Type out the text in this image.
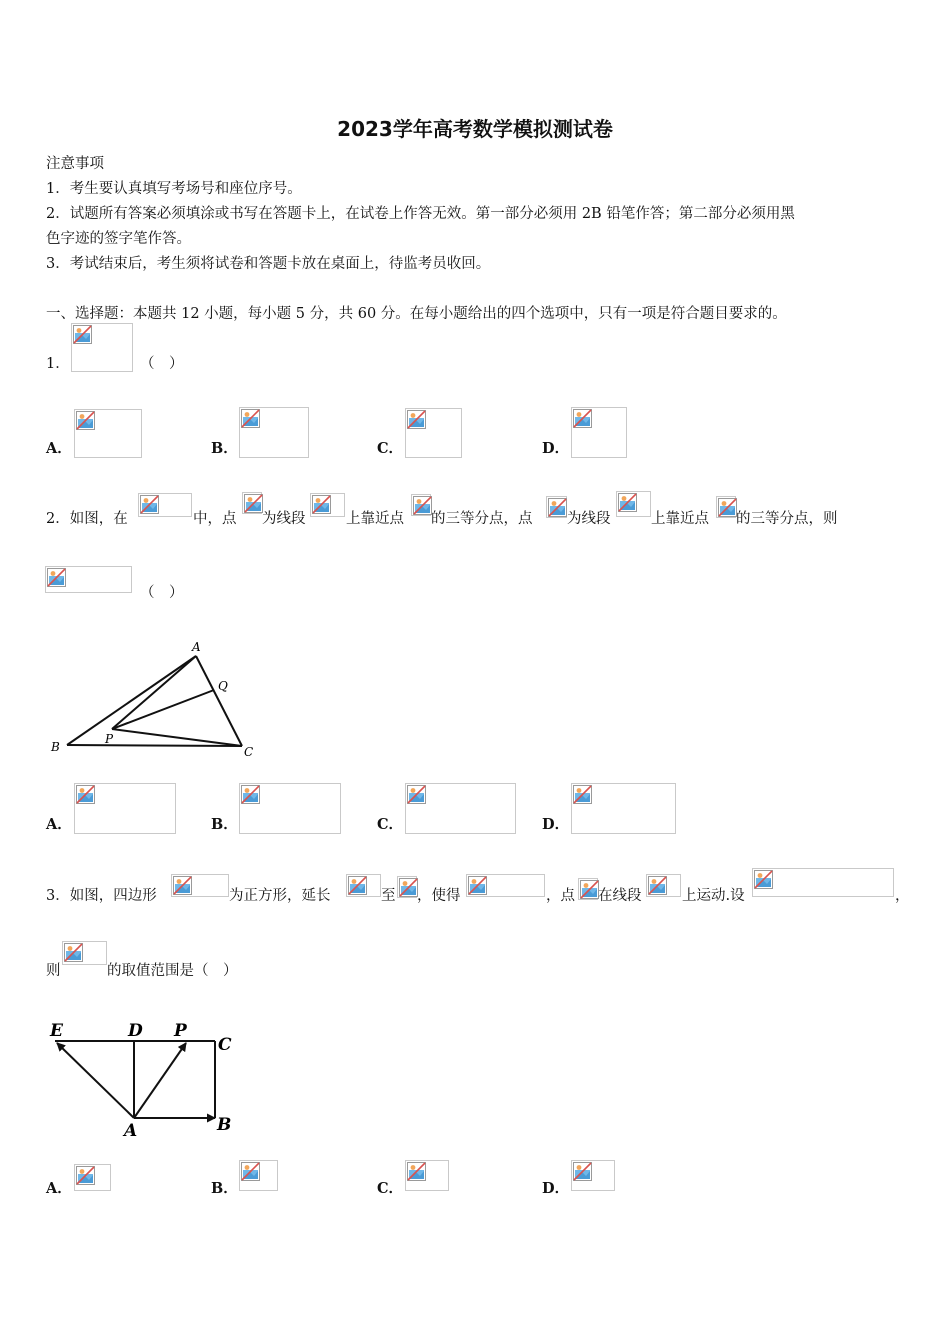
2023学年高考数学模拟测试卷
注意事项
1．考生要认真填写考场号和座位序号。
2．试题所有答案必须填涂或书写在答题卡上，在试卷上作答无效。第一部分必须用 2B 铅笔作答；第二部分必须用黑
色字迹的签字笔作答。
3．考试结束后，考生须将试卷和答题卡放在桌面上，待监考员收回。
一、选择题：本题共 12 小题，每小题 5 分，共 60 分。在每小题给出的四个选项中，只有一项是符合题目要求的。
1．	（　）
A．	B．	C．	D．
2．如图，在	中，点 为线段	上靠近点 的三等分点，点 为线段	上靠近点 的三等分点，则
（　）
A
Q
B
P
C
A．	B．	C．	D．
3．如图，四边形	为正方形，延长	至 ，使得	，点 在线段	上运动.设	，
则	的取值范围是（　）
E	D P
C
A	B
A．	B．	C．	D．
